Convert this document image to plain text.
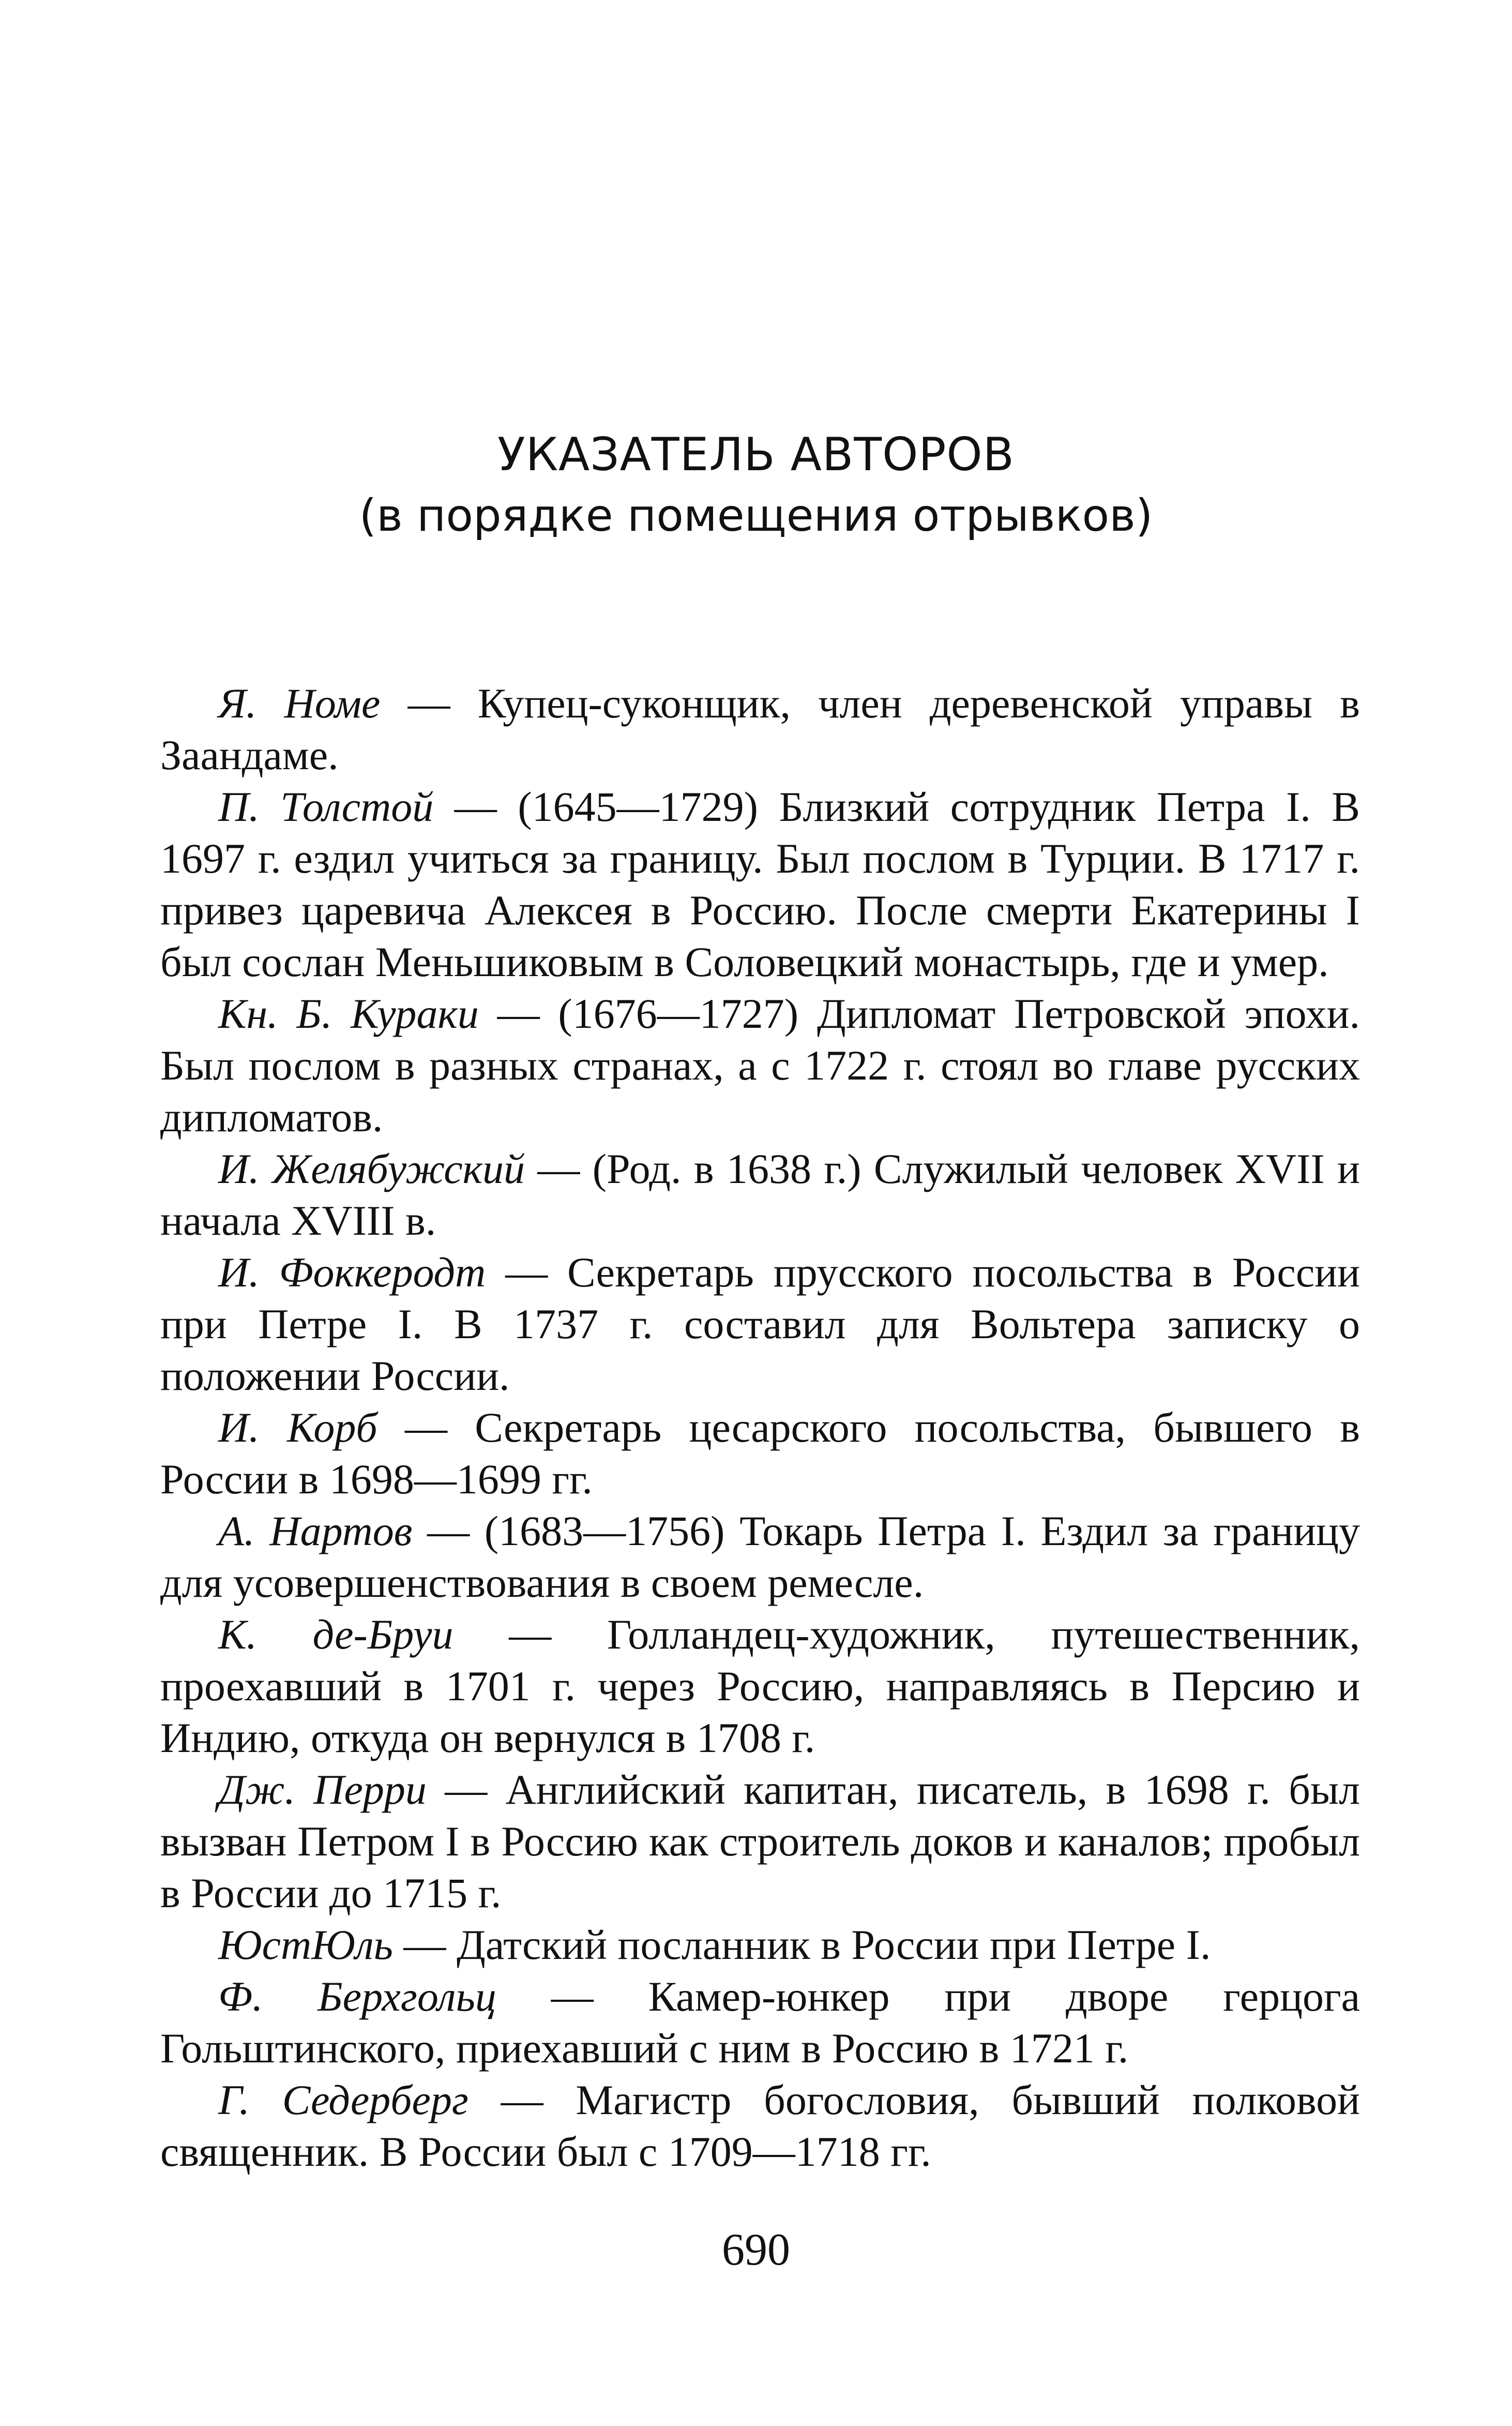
УКАЗАТЕЛЬ АВТОРОВ
(в порядке помещения отрывков)

Я. Номе — Купец-суконщик, член деревенской управы в Заандаме.

П. Толстой — (1645—1729) Близкий сотрудник Петра I. В 1697 г. ездил учиться за границу. Был послом в Турции. В 1717 г. привез царевича Алексея в Россию. После смерти Екатерины I был сослан Меньшиковым в Соловецкий монастырь, где и умер.

Кн. Б. Кураки — (1676—1727) Дипломат Петровской эпохи. Был послом в разных странах, а с 1722 г. стоял во главе русских дипломатов.

И. Желябужский — (Род. в 1638 г.) Служилый человек XVII и начала XVIII в.

И. Фоккеродт — Секретарь прусского посольства в России при Петре I. В 1737 г. составил для Вольтера записку о положении России.

И. Корб — Секретарь цесарского посольства, бывшего в России в 1698—1699 гг.

А. Нартов — (1683—1756) Токарь Петра I. Ездил за границу для усовершенствования в своем ремесле.

К. де-Бруи — Голландец-художник, путешественник, проехавший в 1701 г. через Россию, направляясь в Персию и Индию, откуда он вернулся в 1708 г.

Дж. Перри — Английский капитан, писатель, в 1698 г. был вызван Петром I в Россию как строитель доков и каналов; пробыл в России до 1715 г.

ЮстЮль — Датский посланник в России при Петре I.

Ф. Берхгольц — Камер-юнкер при дворе герцога Гольштинского, приехавший с ним в Россию в 1721 г.

Г. Седерберг — Магистр богословия, бывший полковой священник. В России был с 1709—1718 гг.

690
